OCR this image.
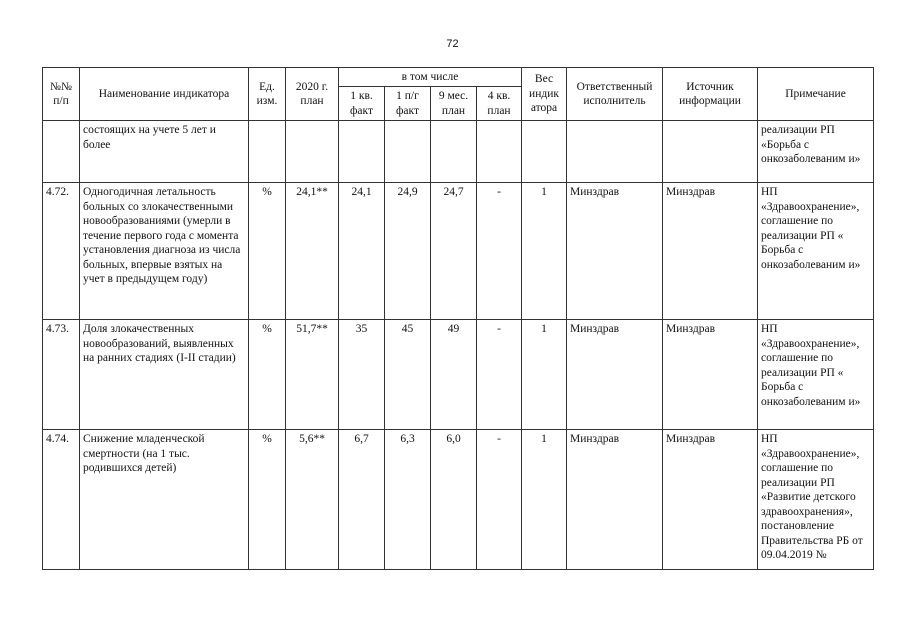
72
№№ п/п	Наименование индикатора	Ед. изм.	2020 г. план	в том числе				Вес индик атора	Ответственный исполнитель	Источник информации	Примечание
				1 кв. факт	1 п/г факт	9 мес. план	4 кв. план				
	состоящих на учете 5 лет и более										реализации РП «Борьба с онкозаболеваним и»
4.72.	Одногодичная летальность больных со злокачественными новообразованиями (умерли в течение первого года с момента установления диагноза из числа больных, впервые взятых на учет в предыдущем году)	%	24,1**	24,1	24,9	24,7	-	1	Минздрав	Минздрав	НП «Здравоохранение», соглашение по реализации РП « Борьба с онкозаболеваним и»
4.73.	Доля злокачественных новообразований, выявленных на ранних стадиях (I-II стадии)	%	51,7**	35	45	49	-	1	Минздрав	Минздрав	НП «Здравоохранение», соглашение по реализации РП « Борьба с онкозаболеваним и»
4.74.	Снижение младенческой смертности (на 1 тыс. родившихся детей)	%	5,6**	6,7	6,3	6,0	-	1	Минздрав	Минздрав	НП «Здравоохранение», соглашение по реализации РП «Развитие детского здравоохранения», постановление Правительства РБ от 09.04.2019 №
